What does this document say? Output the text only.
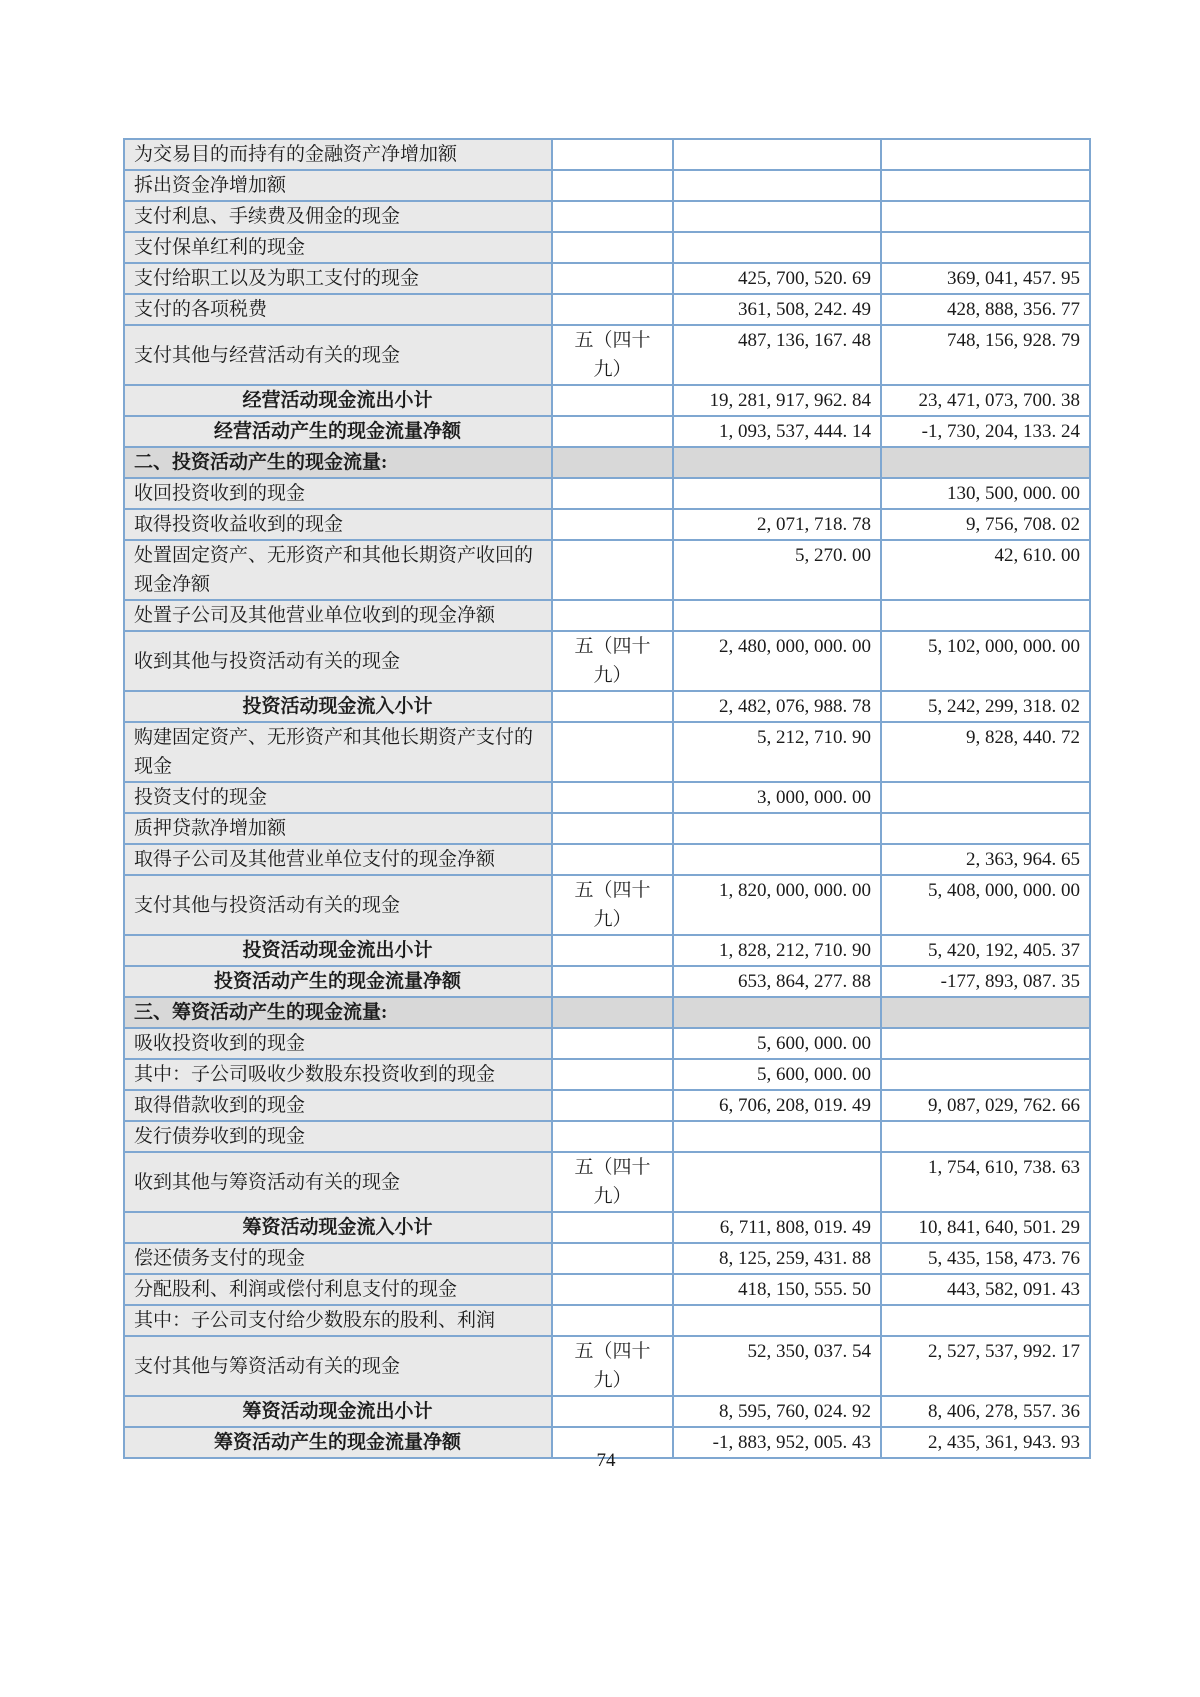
为交易目的而持有的金融资产净增加额			
拆出资金净增加额			
支付利息、手续费及佣金的现金			
支付保单红利的现金			
支付给职工以及为职工支付的现金		425, 700, 520. 69	369, 041, 457. 95
支付的各项税费		361, 508, 242. 49	428, 888, 356. 77
支付其他与经营活动有关的现金	五（四十九）	487, 136, 167. 48	748, 156, 928. 79
经营活动现金流出小计		19, 281, 917, 962. 84	23, 471, 073, 700. 38
经营活动产生的现金流量净额		1, 093, 537, 444. 14	-1, 730, 204, 133. 24
二、投资活动产生的现金流量:			
收回投资收到的现金			130, 500, 000. 00
取得投资收益收到的现金		2, 071, 718. 78	9, 756, 708. 02
处置固定资产、无形资产和其他长期资产收回的现金净额		5, 270. 00	42, 610. 00
处置子公司及其他营业单位收到的现金净额			
收到其他与投资活动有关的现金	五（四十九）	2, 480, 000, 000. 00	5, 102, 000, 000. 00
投资活动现金流入小计		2, 482, 076, 988. 78	5, 242, 299, 318. 02
购建固定资产、无形资产和其他长期资产支付的现金		5, 212, 710. 90	9, 828, 440. 72
投资支付的现金		3, 000, 000. 00	
质押贷款净增加额			
取得子公司及其他营业单位支付的现金净额			2, 363, 964. 65
支付其他与投资活动有关的现金	五（四十九）	1, 820, 000, 000. 00	5, 408, 000, 000. 00
投资活动现金流出小计		1, 828, 212, 710. 90	5, 420, 192, 405. 37
投资活动产生的现金流量净额		653, 864, 277. 88	-177, 893, 087. 35
三、筹资活动产生的现金流量:			
吸收投资收到的现金		5, 600, 000. 00	
其中：子公司吸收少数股东投资收到的现金		5, 600, 000. 00	
取得借款收到的现金		6, 706, 208, 019. 49	9, 087, 029, 762. 66
发行债券收到的现金			
收到其他与筹资活动有关的现金	五（四十九）		1, 754, 610, 738. 63
筹资活动现金流入小计		6, 711, 808, 019. 49	10, 841, 640, 501. 29
偿还债务支付的现金		8, 125, 259, 431. 88	5, 435, 158, 473. 76
分配股利、利润或偿付利息支付的现金		418, 150, 555. 50	443, 582, 091. 43
其中：子公司支付给少数股东的股利、利润			
支付其他与筹资活动有关的现金	五（四十九）	52, 350, 037. 54	2, 527, 537, 992. 17
筹资活动现金流出小计		8, 595, 760, 024. 92	8, 406, 278, 557. 36
筹资活动产生的现金流量净额		-1, 883, 952, 005. 43	2, 435, 361, 943. 93
74
